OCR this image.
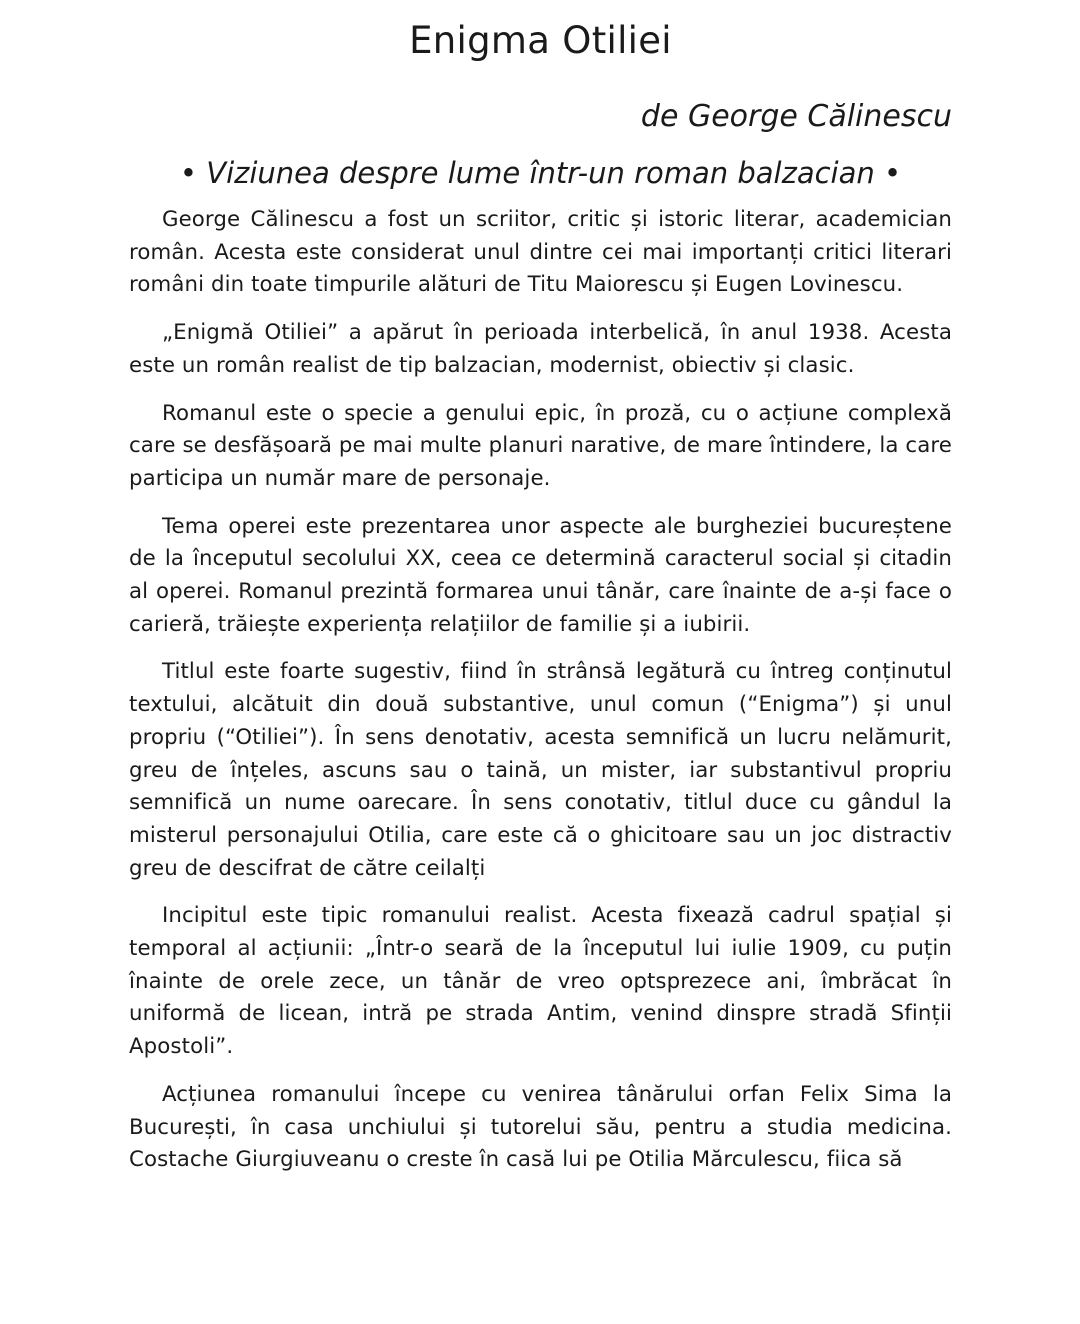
Enigma Otiliei

de George Călinescu

• Viziunea despre lume într-un roman balzacian •

George Călinescu a fost un scriitor, critic și istoric literar, academician român. Acesta este considerat unul dintre cei mai importanți critici literari români din toate timpurile alături de Titu Maiorescu și Eugen Lovinescu.

„Enigmă Otiliei” a apărut în perioada interbelică, în anul 1938. Acesta este un român realist de tip balzacian, modernist, obiectiv și clasic.

Romanul este o specie a genului epic, în proză, cu o acțiune complexă care se desfășoară pe mai multe planuri narative, de mare întindere, la care participa un număr mare de personaje.

Tema operei este prezentarea unor aspecte ale burgheziei bucureștene de la începutul secolului XX, ceea ce determină caracterul social și citadin al operei. Romanul prezintă formarea unui tânăr, care înainte de a-și face o carieră, trăiește experiența relațiilor de familie și a iubirii.

Titlul este foarte sugestiv, fiind în strânsă legătură cu întreg conținutul textului, alcătuit din două substantive, unul comun (“Enigma”) și unul propriu (“Otiliei”). În sens denotativ, acesta semnifică un lucru nelămurit, greu de înțeles, ascuns sau o taină, un mister, iar substantivul propriu semnifică un nume oarecare. În sens conotativ, titlul duce cu gândul la misterul personajului Otilia, care este că o ghicitoare sau un joc distractiv greu de descifrat de către ceilalți

Incipitul este tipic romanului realist. Acesta fixează cadrul spațial și temporal al acțiunii: „Într-o seară de la începutul lui iulie 1909, cu puțin înainte de orele zece, un tânăr de vreo optsprezece ani, îmbrăcat în uniformă de licean, intră pe strada Antim, venind dinspre stradă Sfinții Apostoli”.

Acțiunea romanului începe cu venirea tânărului orfan Felix Sima la București, în casa unchiului și tutorelui său, pentru a studia medicina. Costache Giurgiuveanu o creste în casă lui pe Otilia Mărculescu, fiica să
